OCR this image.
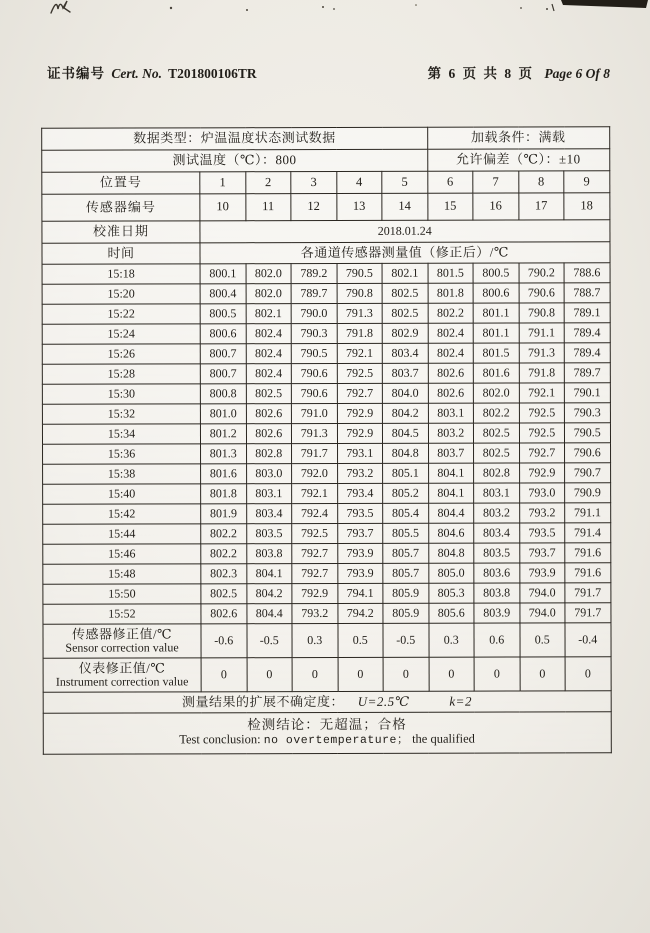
证书编号 Cert. No. T201800106TR	第 6 页 共 8 页 Page 6 Of 8
数据类型：炉温温度状态测试数据						加载条件：满载			
测试温度（℃）：800						允许偏差（℃）：±10			
位置号	1	2	3	4	5	6	7	8	9
传感器编号	10	11	12	13	14	15	16	17	18
校准日期	2018.01.24								
时间	各通道传感器测量值（修正后）/℃								
15:18	800.1	802.0	789.2	790.5	802.1	801.5	800.5	790.2	788.6
15:20	800.4	802.0	789.7	790.8	802.5	801.8	800.6	790.6	788.7
15:22	800.5	802.1	790.0	791.3	802.5	802.2	801.1	790.8	789.1
15:24	800.6	802.4	790.3	791.8	802.9	802.4	801.1	791.1	789.4
15:26	800.7	802.4	790.5	792.1	803.4	802.4	801.5	791.3	789.4
15:28	800.7	802.4	790.6	792.5	803.7	802.6	801.6	791.8	789.7
15:30	800.8	802.5	790.6	792.7	804.0	802.6	802.0	792.1	790.1
15:32	801.0	802.6	791.0	792.9	804.2	803.1	802.2	792.5	790.3
15:34	801.2	802.6	791.3	792.9	804.5	803.2	802.5	792.5	790.5
15:36	801.3	802.8	791.7	793.1	804.8	803.7	802.5	792.7	790.6
15:38	801.6	803.0	792.0	793.2	805.1	804.1	802.8	792.9	790.7
15:40	801.8	803.1	792.1	793.4	805.2	804.1	803.1	793.0	790.9
15:42	801.9	803.4	792.4	793.5	805.4	804.4	803.2	793.2	791.1
15:44	802.2	803.5	792.5	793.7	805.5	804.6	803.4	793.5	791.4
15:46	802.2	803.8	792.7	793.9	805.7	804.8	803.5	793.7	791.6
15:48	802.3	804.1	792.7	793.9	805.7	805.0	803.6	793.9	791.6
15:50	802.5	804.2	792.9	794.1	805.9	805.3	803.8	794.0	791.7
15:52	802.6	804.4	793.2	794.2	805.9	805.6	803.9	794.0	791.7

传感器修正值/℃
Sensor correction value	-0.6	-0.5	0.3	0.5	-0.5	0.3	0.6	0.5	-0.4

仪表修正值/℃
Instrument correction value	0	0	0	0	0	0	0	0	0
测量结果的扩展不确定度： U=2.5℃ k=2									

检测结论：无超温；合格
Test conclusion: no overtemperature； the qualified									
